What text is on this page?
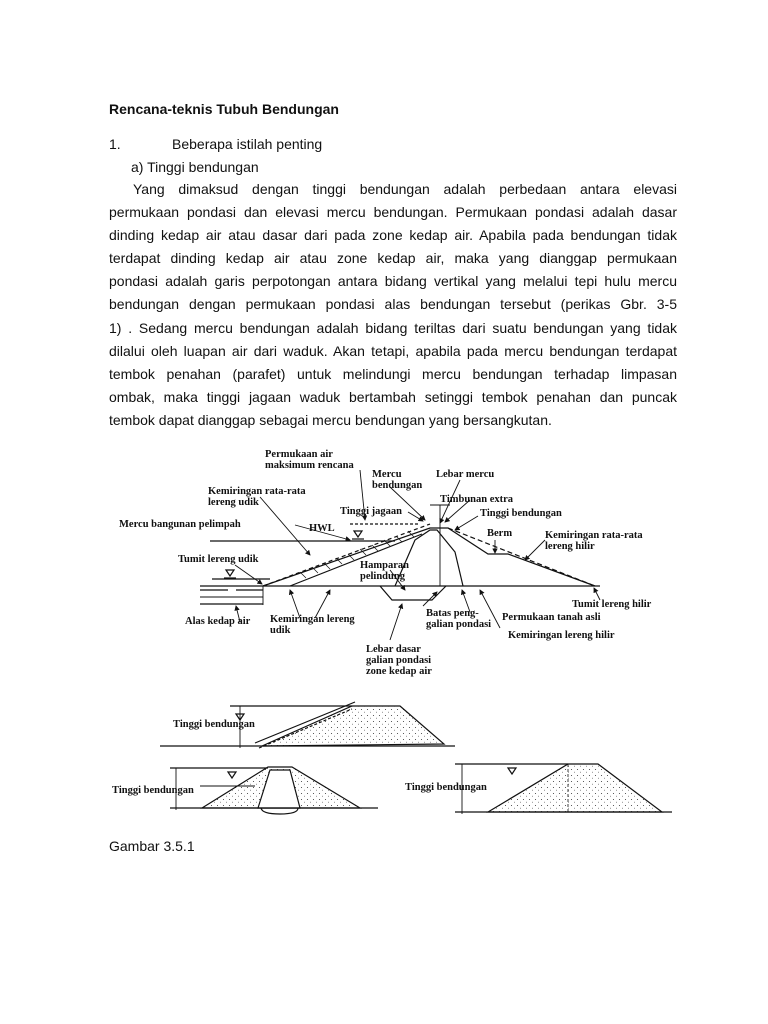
Rencana-teknis Tubuh Bendungan
1.	Beberapa istilah penting
a) Tinggi bendungan
Yang dimaksud dengan tinggi bendungan adalah perbedaan antara elevasi
permukaan pondasi dan elevasi mercu bendungan. Permukaan pondasi adalah dasar
dinding kedap air atau dasar dari pada zone kedap air. Apabila pada bendungan tidak
terdapat dinding kedap air atau zone kedap air, maka yang dianggap permukaan
pondasi adalah garis perpotongan antara bidang vertikal yang melalui tepi hulu mercu
bendungan dengan permukaan pondasi alas bendungan tersebut (perikas Gbr. 3-5
1) . Sedang mercu bendungan adalah bidang teriltas dari suatu bendungan yang tidak
dilalui oleh luapan air dari waduk. Akan tetapi, apabila pada mercu bendungan terdapat
tembok penahan (parafet) untuk melindungi mercu bendungan terhadap limpasan
ombak, maka tinggi jagaan waduk bertambah setinggi tembok penahan dan puncak
tembok dapat dianggap sebagai mercu bendungan yang bersangkutan.
Permukaan air
maksimum rencana
Mercu
bendungan
Lebar mercu
Kemiringan rata-rata
lereng udik	Timbunan extra
Tinggi jagaan	Tinggi bendungan
Mercu bangunan pelimpah	HWL	Berm	Kemiringan rata-rata
lereng hilir
Tumit lereng udik
Hamparan
pelindung
Tumit lereng hilir
Alas kedap air Kemiringan lereng
udik
Batas peng-
galian pondasi
Permukaan tanah asli
Kemiringan lereng hilir
Lebar dasar
galian pondasi
zone kedap air
Tinggi bendungan
Tinggi bendungan	Tinggi bendungan
Gambar 3.5.1
